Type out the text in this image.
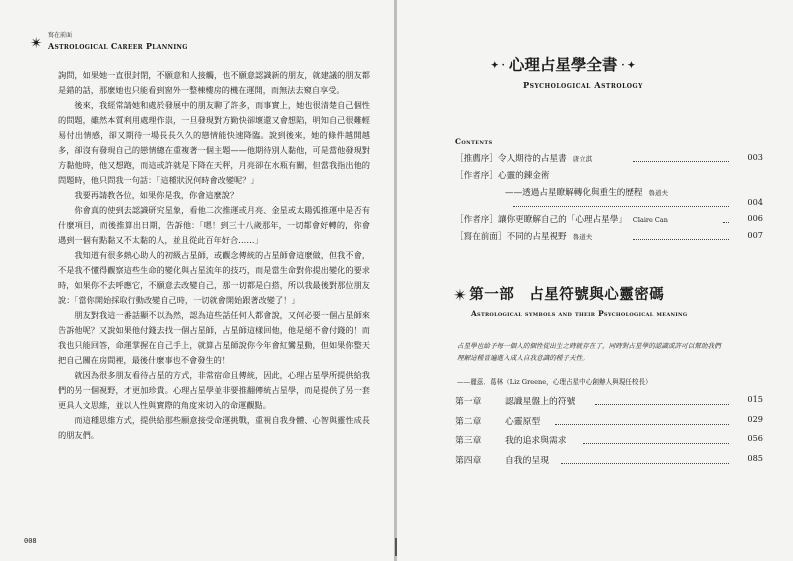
✴ 寫在前面
Astrological Career Planning

詢問，如果她一直很封閉，不願意和人接觸，也不願意認識新的朋友，就建議的朋友都是錯的話，那麼她也只能看到窗外一整棟樓房的機在運開，而無法去窺自享受。

後來，我經常請她和處於發展中的朋友聊了許多，而事實上，她也很清楚自己個性的問題，雖然本質利用處理作祟，一旦發現對方勤快卻壞還又會想陷，明知自己很難輕易付出情感，卻又期待一場長長久久的戀情能快速降臨。說到後來，她的條件越開越多，卻沒有發現自己的戀情總在重複著一個主題——他期待別人黏他，可是當他發現對方黏他時，他又想跑，而這或許就是下降在天秤，月亮卻在水瓶有關，但當我指出他的問題時，他只問我一句話：「這種狀況何時會改變呢？」

我要再請教各位，如果你是我，你會這麼說？

你會真的使到去認識研究星象，看他二次推運或月亮、金星或太陽弧推運中是否有什麼項目，而後推算出日期，告訴他：「嗯！到三十八歲那年，一切都會好轉的，你會遇到一個有點黏又不太黏的人，並且從此百年好合……」

我知道有很多熱心助人的初級占星師，或觀念傳統的占星師會這麼做，但我不會，不是我不懂得觀察這些生命的變化與占星流年的技巧，而是當生命對你提出變化的要求時，如果你不去呼應它，不願意去改變自己，那一切都是白搭，所以我最後對那位朋友說：「當你開始採取行動改變自己時，一切就會開始跟著改變了！」

朋友對我這一番話顯不以為然，認為這些話任何人都會說，又何必要一個占星師來告訴他呢？又說如果他付錢去找一個占星師，占星師這樣回他，他是絕不會付錢的！而我也只能回答，命運掌握在自己手上，就算占星師說你今年會紅鸞星動，但如果你整天把自己關在房間裡，最後什麼事也不會發生的！

就因為很多朋友看待占星的方式，非常宿命且傳統，因此，心理占星學所提供給我們的另一個視野，才更加珍貴。心理占星學並非要推翻傳統占星學，而是提供了另一套更具人文思維，並以人性與實際的角度來切入的命運觀點。

而這種思維方式，提供給那些願意接受命運挑戰，重視自我身體、心智與靈性成長的朋友們。

008
✦ · 心理占星學全書 · ✦
Psychological Astrology
Contents
［推薦序］令人期待的占星書 唐立淇	003
［作者序］心靈的鍊金術
——透過占星瞭解轉化與重生的歷程 魯道夫
004
［作者序］讓你更瞭解自己的「心理占星學」 Claire Can	006
［寫在前面］不同的占星視野 魯道夫	007
✴ 第一部　占星符號與心靈密碼
Astrological symbols and their Psychological meaning
占星學也給予每一個人的個性從出生之時就存在了，同時對占星學的認識或許可以幫助我們理解這種普遍進入成人自我意識的種子天性。
——麗茲．葛林（Liz Greene，心理占星中心創辦人與現任校長）
第一章	認識星盤上的符號	015
第二章	心靈原型	029
第三章	我的追求與需求	056
第四章	自我的呈現	085
